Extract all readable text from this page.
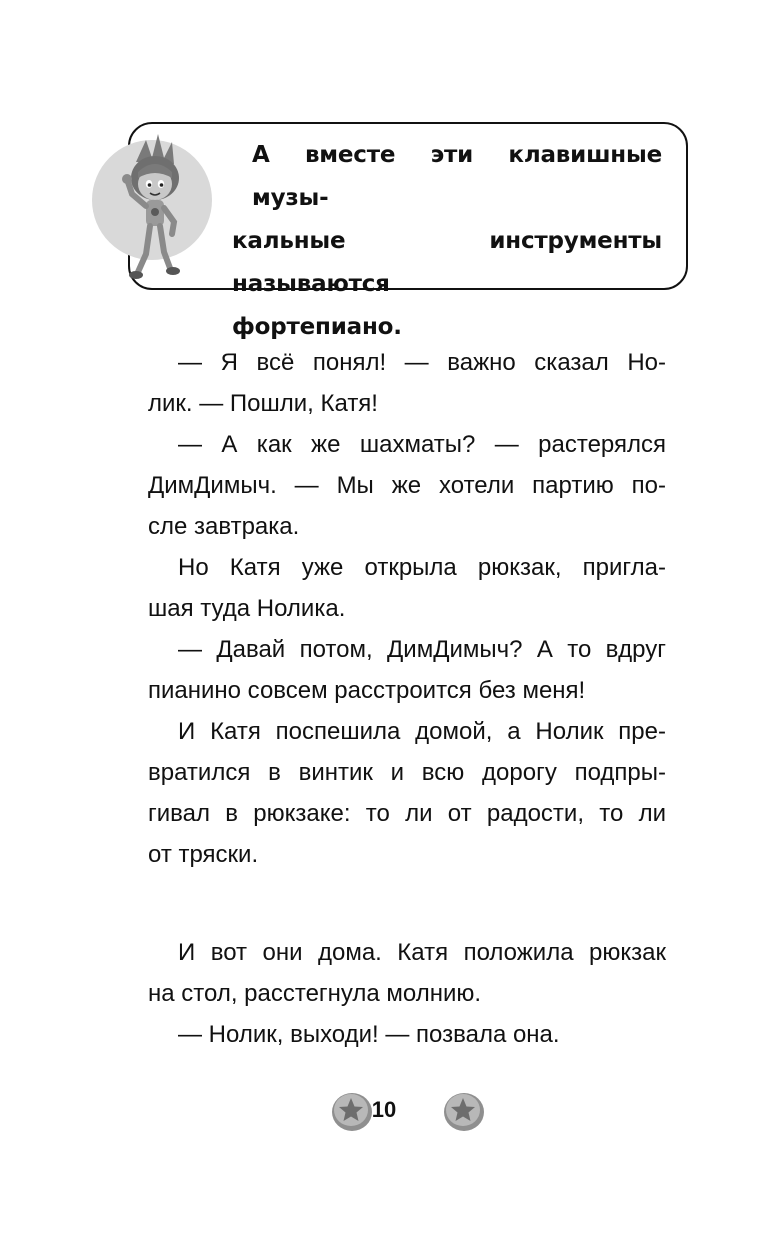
А вместе эти клавишные музы-
кальные инструменты называются
фортепиано.
— Я всё понял! — важно сказал Но-
лик. — Пошли, Катя!
— А как же шахматы? — растерялся
ДимДимыч. — Мы же хотели партию по-
сле завтрака.
Но Катя уже открыла рюкзак, пригла-
шая туда Нолика.
— Давай потом, ДимДимыч? А то вдруг
пианино совсем расстроится без меня!
И Катя поспешила домой, а Нолик пре-
вратился в винтик и всю дорогу подпры-
гивал в рюкзаке: то ли от радости, то ли
от тряски.
И вот они дома. Катя положила рюкзак
на стол, расстегнула молнию.
— Нолик, выходи! — позвала она.
10
